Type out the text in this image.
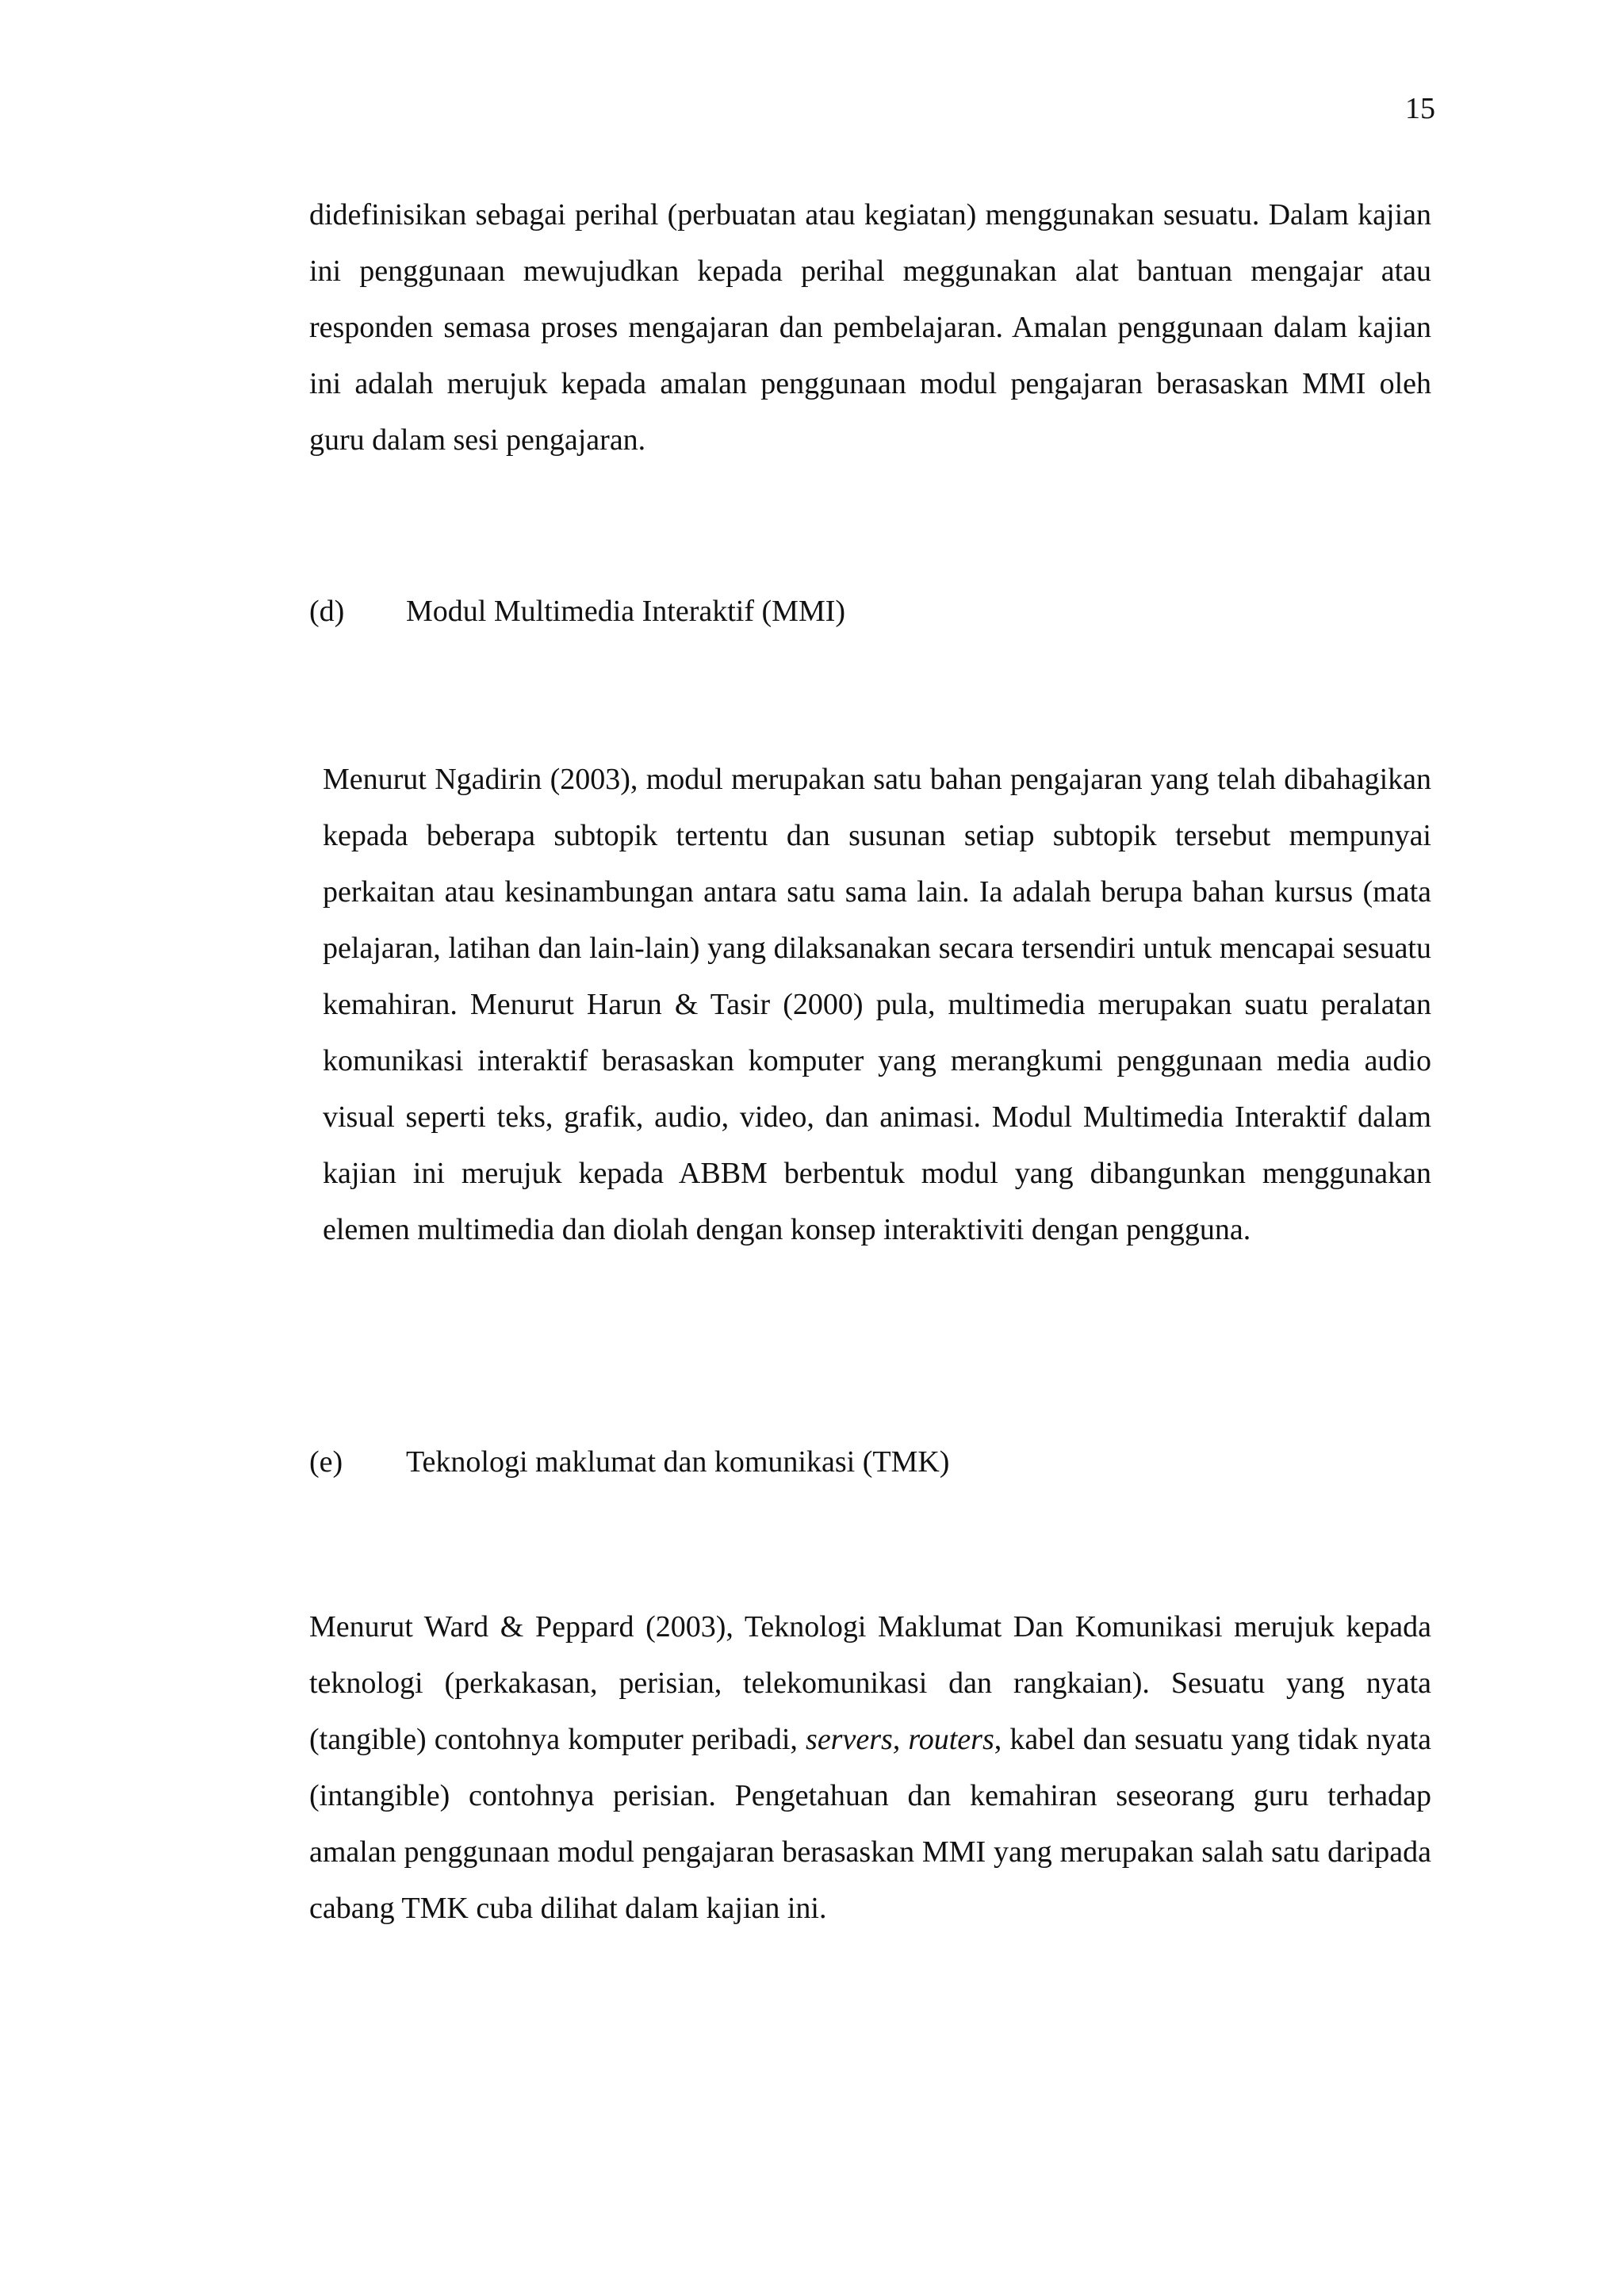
15

didefinisikan sebagai perihal (perbuatan atau kegiatan) menggunakan sesuatu. Dalam kajian ini penggunaan mewujudkan kepada perihal meggunakan alat bantuan mengajar atau responden semasa proses mengajaran dan pembelajaran. Amalan penggunaan dalam kajian ini adalah merujuk kepada amalan penggunaan modul pengajaran berasaskan MMI oleh guru dalam sesi pengajaran.

(d) Modul Multimedia Interaktif (MMI)

Menurut Ngadirin (2003), modul merupakan satu bahan pengajaran yang telah dibahagikan kepada beberapa subtopik tertentu dan susunan setiap subtopik tersebut mempunyai perkaitan atau kesinambungan antara satu sama lain. Ia adalah berupa bahan kursus (mata pelajaran, latihan dan lain-lain) yang dilaksanakan secara tersendiri untuk mencapai sesuatu kemahiran. Menurut Harun & Tasir (2000) pula, multimedia merupakan suatu peralatan komunikasi interaktif berasaskan komputer yang merangkumi penggunaan media audio visual seperti teks, grafik, audio, video, dan animasi. Modul Multimedia Interaktif dalam kajian ini merujuk kepada ABBM berbentuk modul yang dibangunkan menggunakan elemen multimedia dan diolah dengan konsep interaktiviti dengan pengguna.

(e) Teknologi maklumat dan komunikasi (TMK)

Menurut Ward & Peppard (2003), Teknologi Maklumat Dan Komunikasi merujuk kepada teknologi (perkakasan, perisian, telekomunikasi dan rangkaian). Sesuatu yang nyata (tangible) contohnya komputer peribadi, servers, routers, kabel dan sesuatu yang tidak nyata (intangible) contohnya perisian. Pengetahuan dan kemahiran seseorang guru terhadap amalan penggunaan modul pengajaran berasaskan MMI yang merupakan salah satu daripada cabang TMK cuba dilihat dalam kajian ini.
